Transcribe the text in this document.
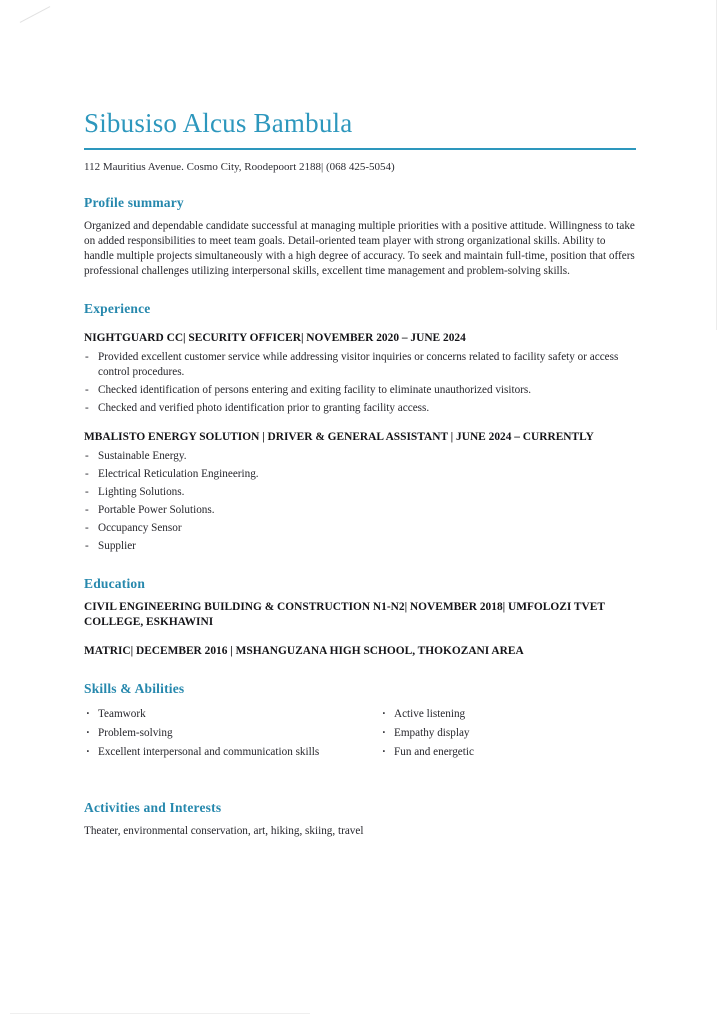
Sibusiso Alcus Bambula

112 Mauritius Avenue. Cosmo City, Roodepoort 2188| (068 425-5054)

Profile summary

Organized and dependable candidate successful at managing multiple priorities with a positive attitude. Willingness to take on added responsibilities to meet team goals. Detail-oriented team player with strong organizational skills. Ability to handle multiple projects simultaneously with a high degree of accuracy. To seek and maintain full-time, position that offers professional challenges utilizing interpersonal skills, excellent time management and problem-solving skills.

Experience
NIGHTGUARD CC| SECURITY OFFICER| NOVEMBER 2020 – JUNE 2024
- Provided excellent customer service while addressing visitor inquiries or concerns related to facility safety or access control procedures.
- Checked identification of persons entering and exiting facility to eliminate unauthorized visitors.
- Checked and verified photo identification prior to granting facility access.
MBALISTO ENERGY SOLUTION | DRIVER & GENERAL ASSISTANT | JUNE 2024 – CURRENTLY
- Sustainable Energy.
- Electrical Reticulation Engineering.
- Lighting Solutions.
- Portable Power Solutions.
- Occupancy Sensor
- Supplier
Education

CIVIL ENGINEERING BUILDING & CONSTRUCTION N1-N2| NOVEMBER 2018| UMFOLOZI TVET COLLEGE, ESKHAWINI

MATRIC| DECEMBER 2016 | MSHANGUZANA HIGH SCHOOL, THOKOZANI AREA

Skills & Abilities
· Teamwork
· Problem-solving
· Excellent interpersonal and communication skills
· Active listening
· Empathy display
· Fun and energetic
Activities and Interests

Theater, environmental conservation, art, hiking, skiing, travel
